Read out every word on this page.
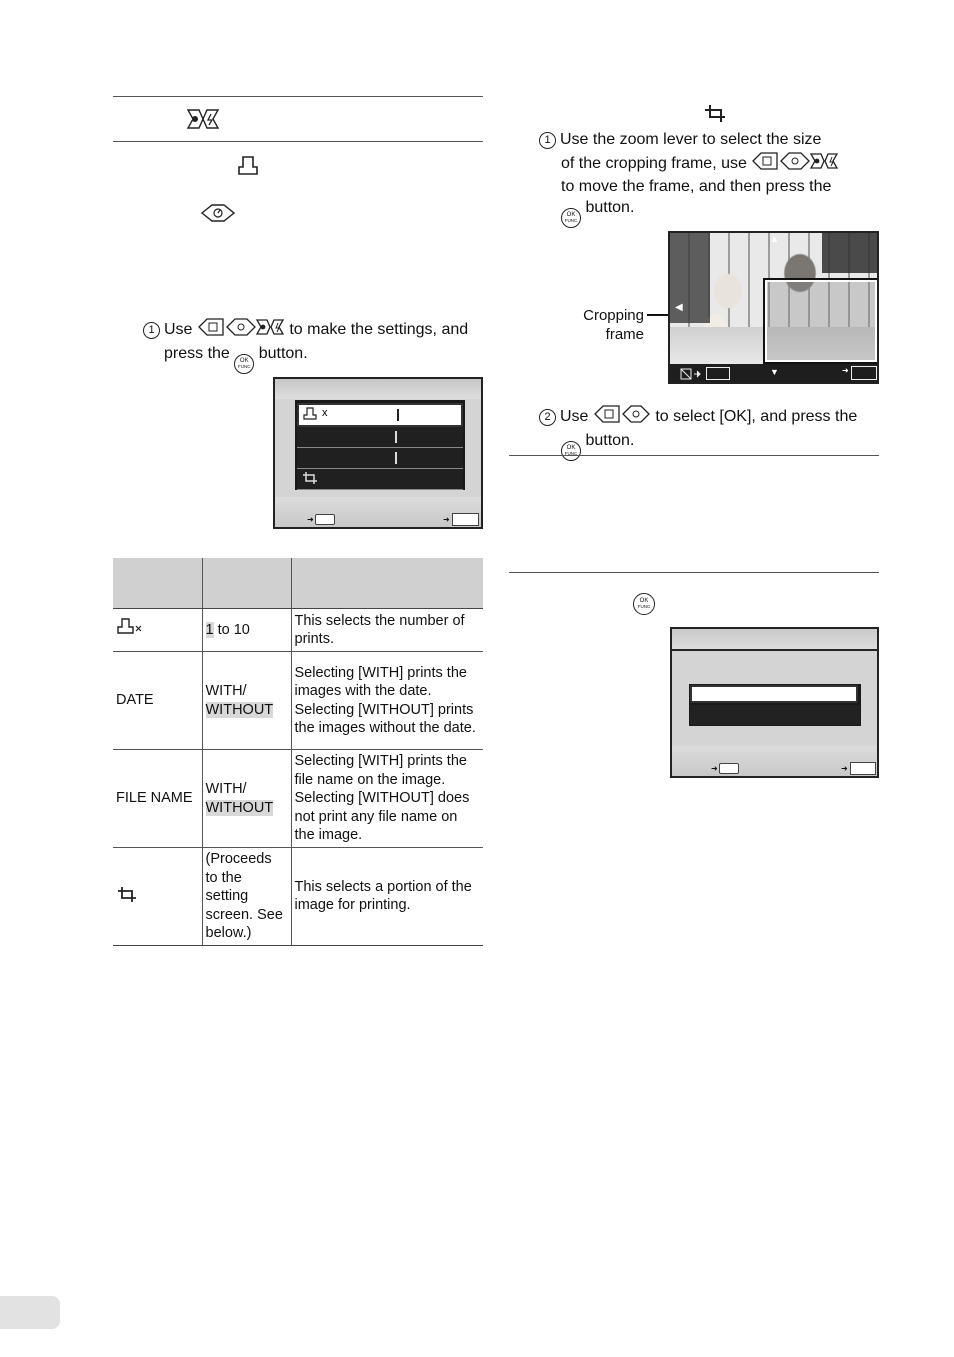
1 Use	to make the settings, and
press the OK
FUNC
button.
x
➜	➜

	1 to 10	This selects the number of prints.
DATE	WITH/
WITHOUT	Selecting [WITH] prints the images with the date. Selecting [WITHOUT] prints the images without the date.
FILE NAME	WITH/
WITHOUT	Selecting [WITH] prints the file name on the image. Selecting [WITHOUT] does not print any file name on the image.
	(Proceeds to the setting screen. See below.)	This selects a portion of the image for printing.
1 Use the zoom lever to select the size
of the cropping frame, use
to move the frame, and then press the

OK
FUNC
button.
Cropping
frame
▲
◀
▼	➜
2 Use	to select [OK], and press the

OK
FUNC
button.
OK
FUNC
➜	➜
